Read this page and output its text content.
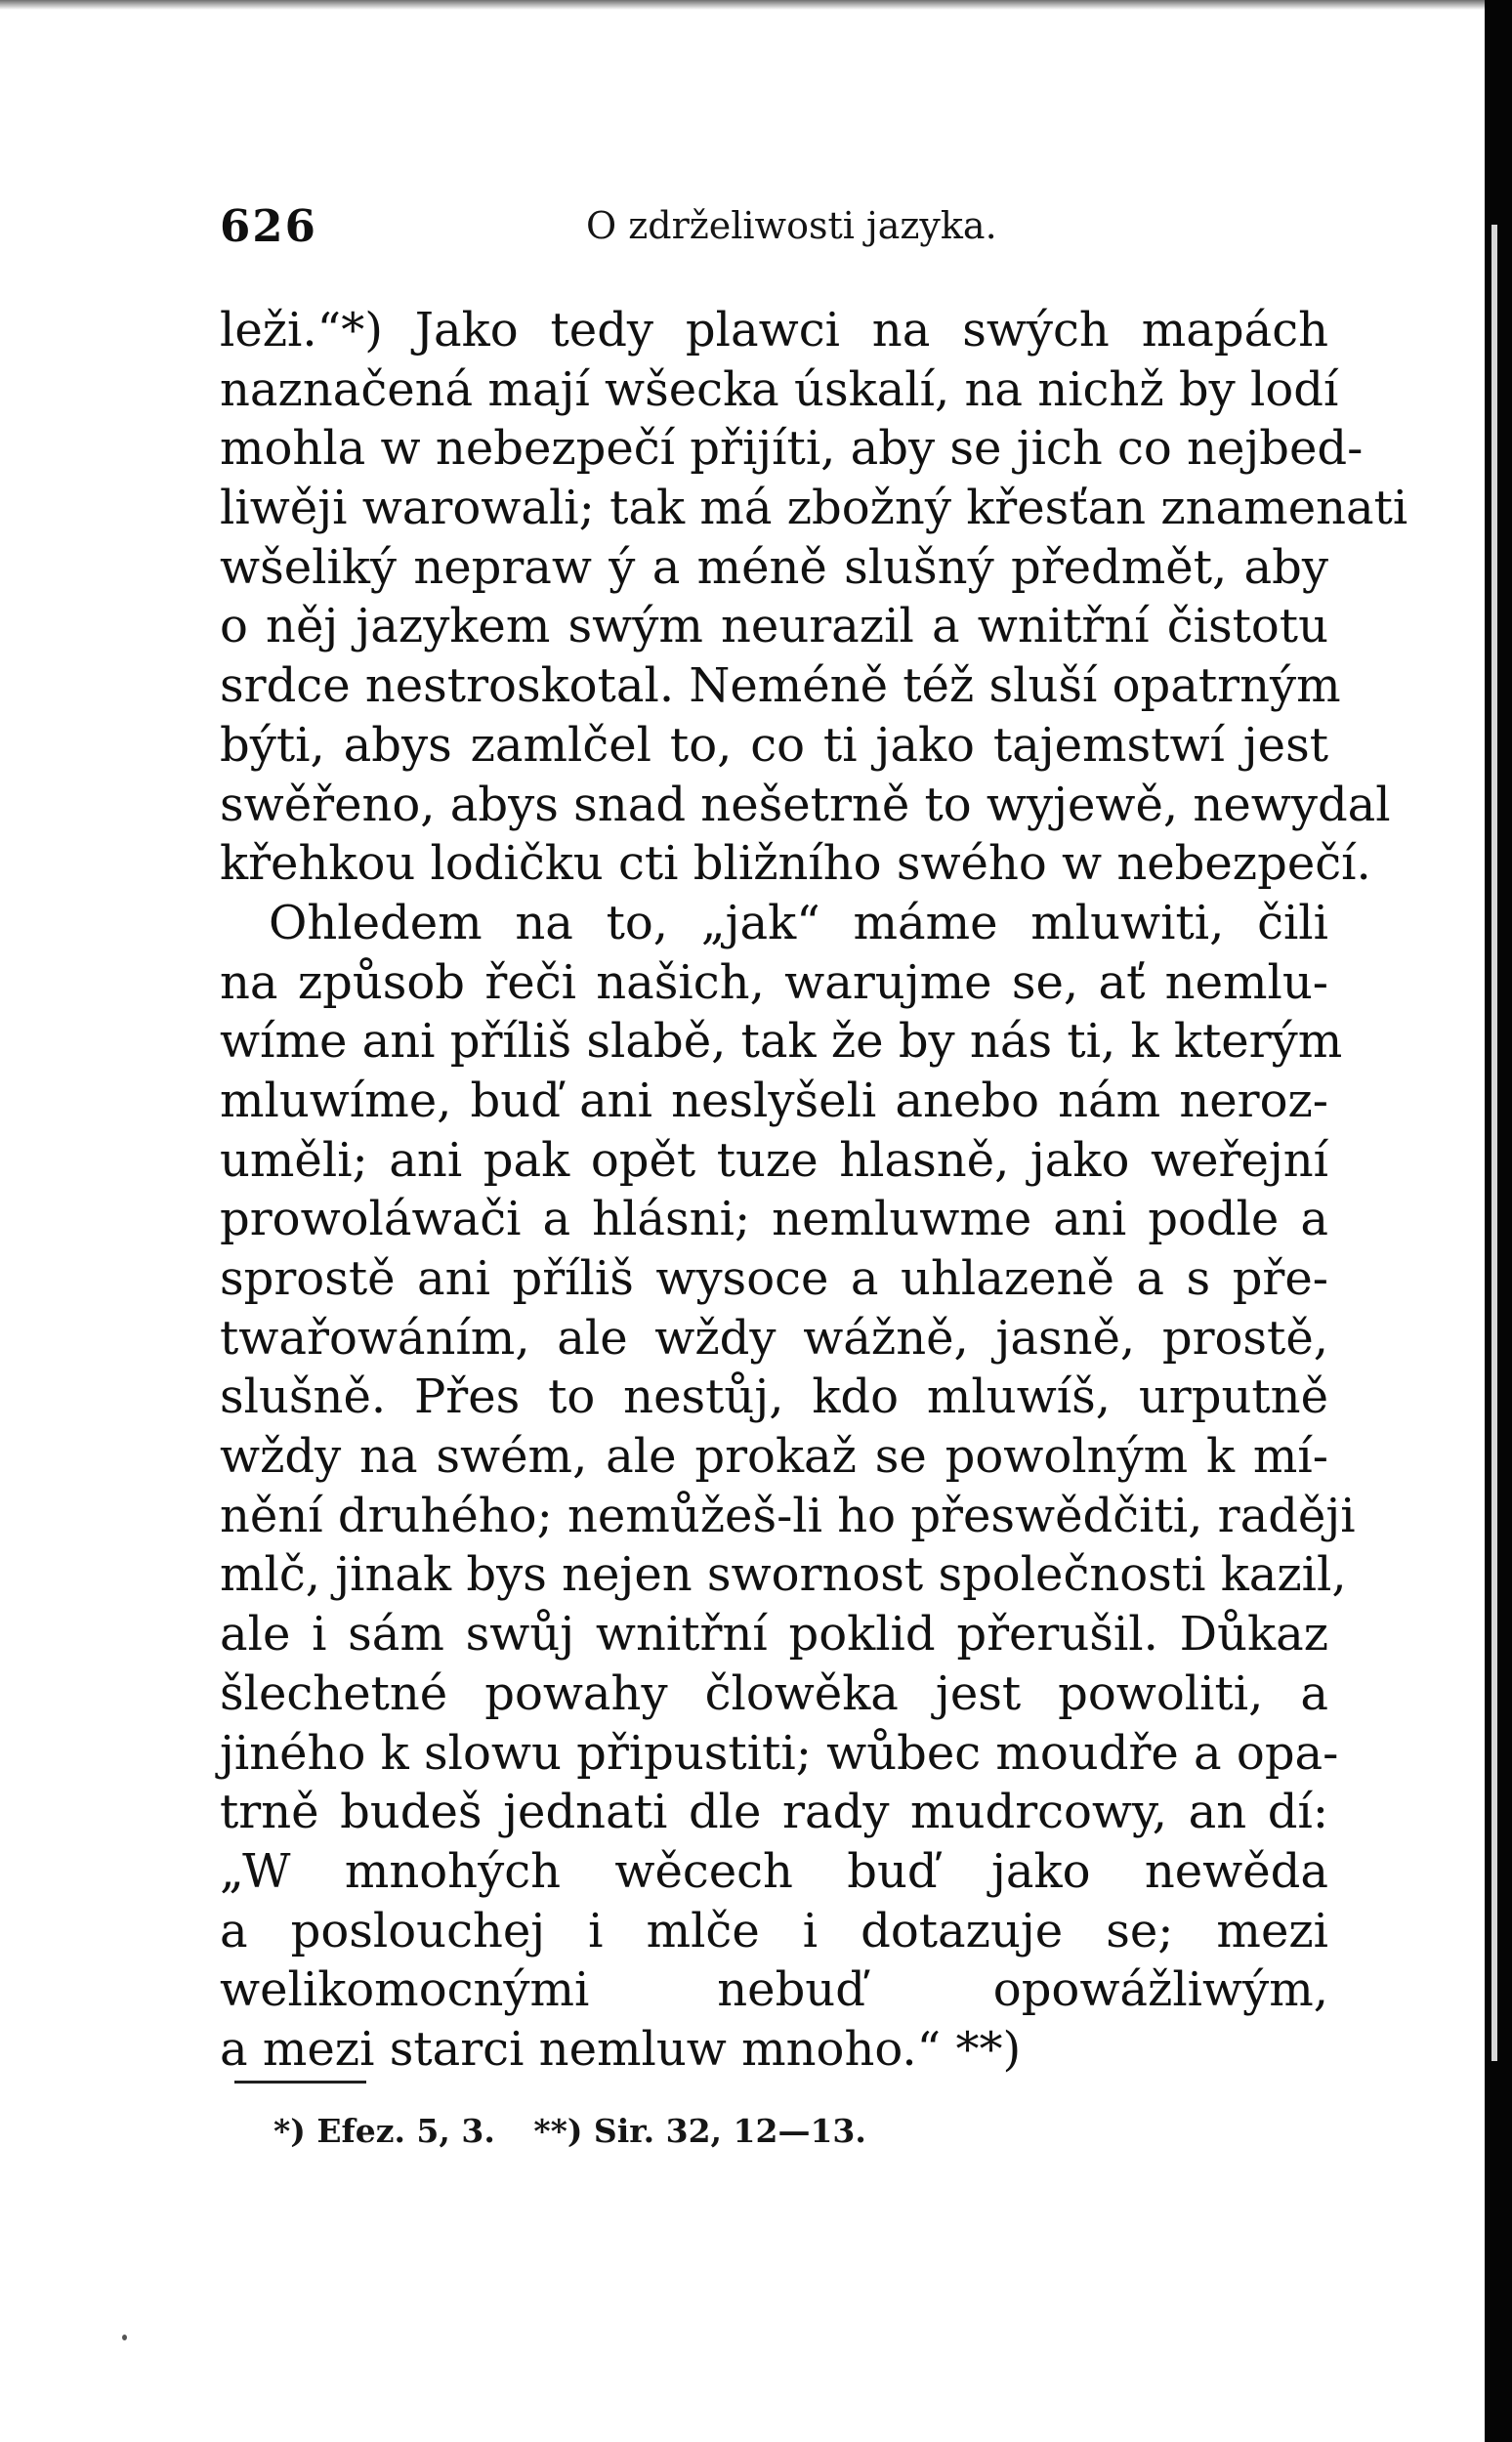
626	O zdrželiwosti jazyka.
leži.“*) Jako tedy plawci na swých mapách
naznačená mají wšecka úskalí, na nichž by lodí
mohla w nebezpečí přijíti, aby se jich co nejbed-
liwěji warowali; tak má zbožný křesťan znamenati
wšeliký nepraw ý a méně slušný předmět, aby
o něj jazykem swým neurazil a wnitřní čistotu
srdce nestroskotal. Neméně též sluší opatrným
býti, abys zamlčel to, co ti jako tajemstwí jest
swěřeno, abys snad nešetrně to wyjewě, newydal
křehkou lodičku cti bližního swého w nebezpečí.
Ohledem na to, „jak“ máme mluwiti, čili
na způsob řeči našich, warujme se, ať nemlu-
wíme ani příliš slabě, tak že by nás ti, k kterým
mluwíme, buď ani neslyšeli anebo nám neroz-
uměli; ani pak opět tuze hlasně, jako weřejní
prowoláwači a hlásni; nemluwme ani podle a
sprostě ani příliš wysoce a uhlazeně a s pře-
twařowáním, ale wždy wážně, jasně, prostě,
slušně. Přes to nestůj, kdo mluwíš, urputně
wždy na swém, ale prokaž se powolným k mí-
nění druhého; nemůžeš-li ho přeswědčiti, raději
mlč, jinak bys nejen swornost společnosti kazil,
ale i sám swůj wnitřní poklid přerušil. Důkaz
šlechetné powahy člowěka jest powoliti, a
jiného k slowu připustiti; wůbec moudře a opa-
trně budeš jednati dle rady mudrcowy, an dí:
„W mnohých wěcech buď jako newěda
a poslouchej i mlče i dotazuje se; mezi
welikomocnými nebuď opowážliwým,
a mezi starci nemluw mnoho.“ **)
*) Efez. 5, 3. **) Sir. 32, 12—13.
